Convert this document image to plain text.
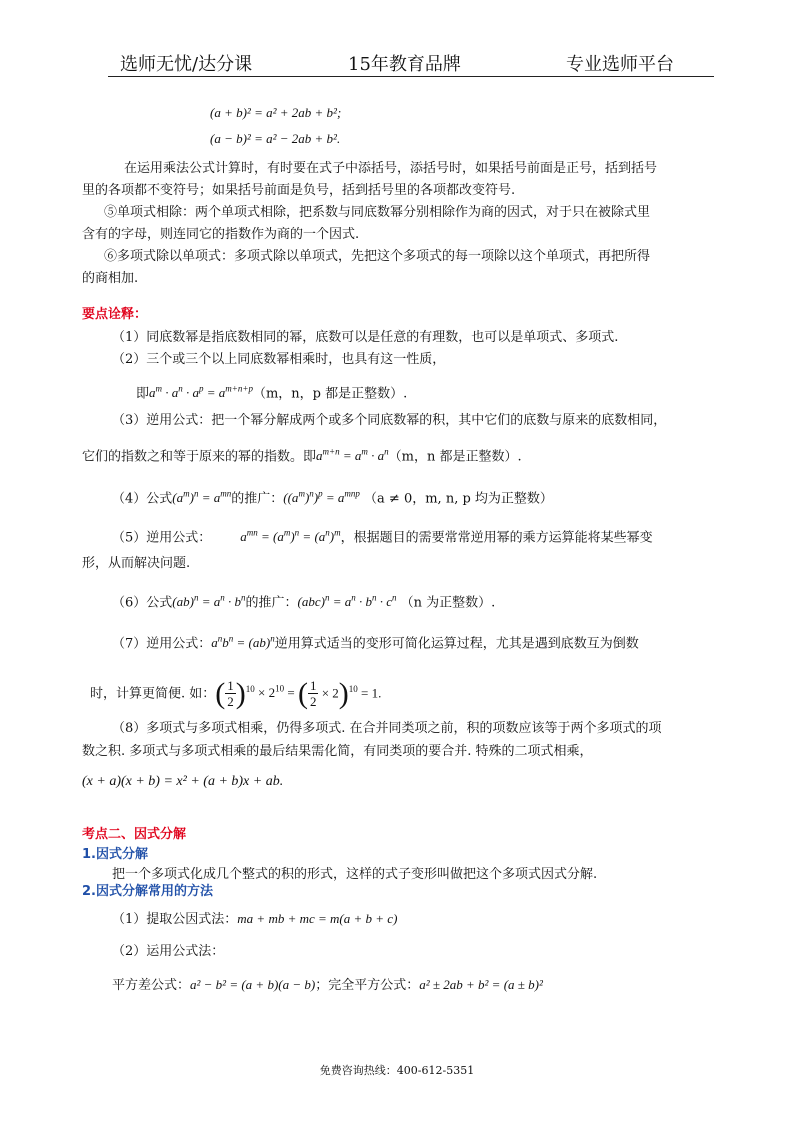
选师无忧/达分课	15年教育品牌	专业选师平台
(a + b)² = a² + 2ab + b²;
(a − b)² = a² − 2ab + b².
在运用乘法公式计算时，有时要在式子中添括号，添括号时，如果括号前面是正号，括到括号
里的各项都不变符号；如果括号前面是负号，括到括号里的各项都改变符号.
⑤单项式相除：两个单项式相除，把系数与同底数幂分别相除作为商的因式，对于只在被除式里
含有的字母，则连同它的指数作为商的一个因式.
⑥多项式除以单项式：多项式除以单项式，先把这个多项式的每一项除以这个单项式，再把所得
的商相加.
要点诠释：
（1）同底数幂是指底数相同的幂，底数可以是任意的有理数，也可以是单项式、多项式.
（2）三个或三个以上同底数幂相乘时，也具有这一性质，
即$a^m \cdot a^n \cdot a^p = a^{m+n+p}(m$，n，p 都是正整数）.
（3）逆用公式：把一个幂分解成两个或多个同底数幂的积，其中它们的底数与原来的底数相同，
它们的指数之和等于原来的幂的指数。即$a^{m+n} = a^m \cdot a^n(m$，n 都是正整数）.
（4）公式$(a^m)^n = a^{mn}$的推广：$((a^m)^n)^p = a^{mnp}$ （a ≠ 0，m, n, p 均为正整数）
（5）逆用公式： $a^{mn} = (a^m)^n = (a^n)^m$，根据题目的需要常常逆用幂的乘方运算能将某些幂变
形，从而解决问题.
（6）公式$(ab)^n = a^n \cdot b^n$的推广：$(abc)^n = a^n \cdot b^n \cdot c^n$ （n 为正整数）.
（7）逆用公式：$a^nb^n = (ab)^n$逆用算式适当的变形可简化运算过程，尤其是遇到底数互为倒数
时，计算更简便. 如：( $\frac{1}{2} )^{10} \times 2^{10}$ = ( $\frac{1}{2} \times 2)^{10} = 1$.
（8）多项式与多项式相乘，仍得多项式. 在合并同类项之前，积的项数应该等于两个多项式的项
数之积. 多项式与多项式相乘的最后结果需化简，有同类项的要合并. 特殊的二项式相乘，
(x + a)(x + b) = x² + (a + b)x + ab.
考点二、因式分解
1.因式分解
把一个多项式化成几个整式的积的形式，这样的式子变形叫做把这个多项式因式分解.
2.因式分解常用的方法
（1）提取公因式法：ma + mb + mc = m(a + b + c)
（2）运用公式法：
平方差公式：a² − b² = (a + b)(a − b)；完全平方公式：a² ± 2ab + b² = (a ± b)²
免费咨询热线：400-612-5351
